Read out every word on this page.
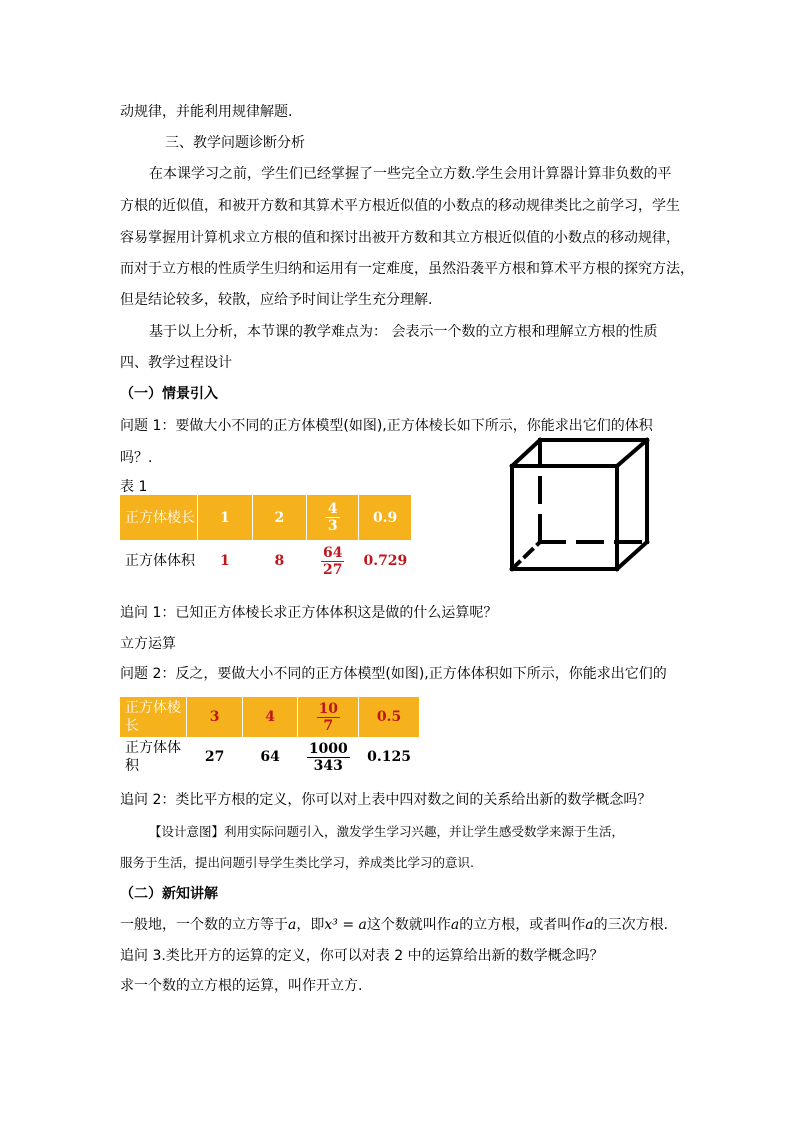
动规律，并能利用规律解题.
三、教学问题诊断分析
在本课学习之前，学生们已经掌握了一些完全立方数.学生会用计算器计算非负数的平
方根的近似值，和被开方数和其算术平方根近似值的小数点的移动规律类比之前学习，学生
容易掌握用计算机求立方根的值和探讨出被开方数和其立方根近似值的小数点的移动规律，
而对于立方根的性质学生归纳和运用有一定难度，虽然沿袭平方根和算术平方根的探究方法，
但是结论较多，较散，应给予时间让学生充分理解.
基于以上分析，本节课的教学难点为： 会表示一个数的立方根和理解立方根的性质
四、教学过程设计
（一）情景引入
问题 1：要做大小不同的正方体模型(如图),正方体棱长如下所示，你能求出它们的体积
吗？.
表 1
正方体棱长	1	2	$\frac{4}{3}$	0.9
正方体体积	1	8	$\frac{64}{27}$	0.729
追问 1：已知正方体棱长求正方体体积这是做的什么运算呢？
立方运算
问题 2：反之，要做大小不同的正方体模型(如图),正方体体积如下所示，你能求出它们的
正方体棱长	3	4	$\frac{10}{7}$	0.5
正方体体积	27	64	$\frac{1000}{343}$	0.125
追问 2：类比平方根的定义，你可以对上表中四对数之间的关系给出新的数学概念吗？
【设计意图】利用实际问题引入，激发学生学习兴趣，并让学生感受数学来源于生活，
服务于生活，提出问题引导学生类比学习，养成类比学习的意识.
（二）新知讲解
一般地，一个数的立方等于a，即x³ = a这个数就叫作a的立方根，或者叫作a的三次方根．
追问 3.类比开方的运算的定义，你可以对表 2 中的运算给出新的数学概念吗？
求一个数的立方根的运算，叫作开立方.
